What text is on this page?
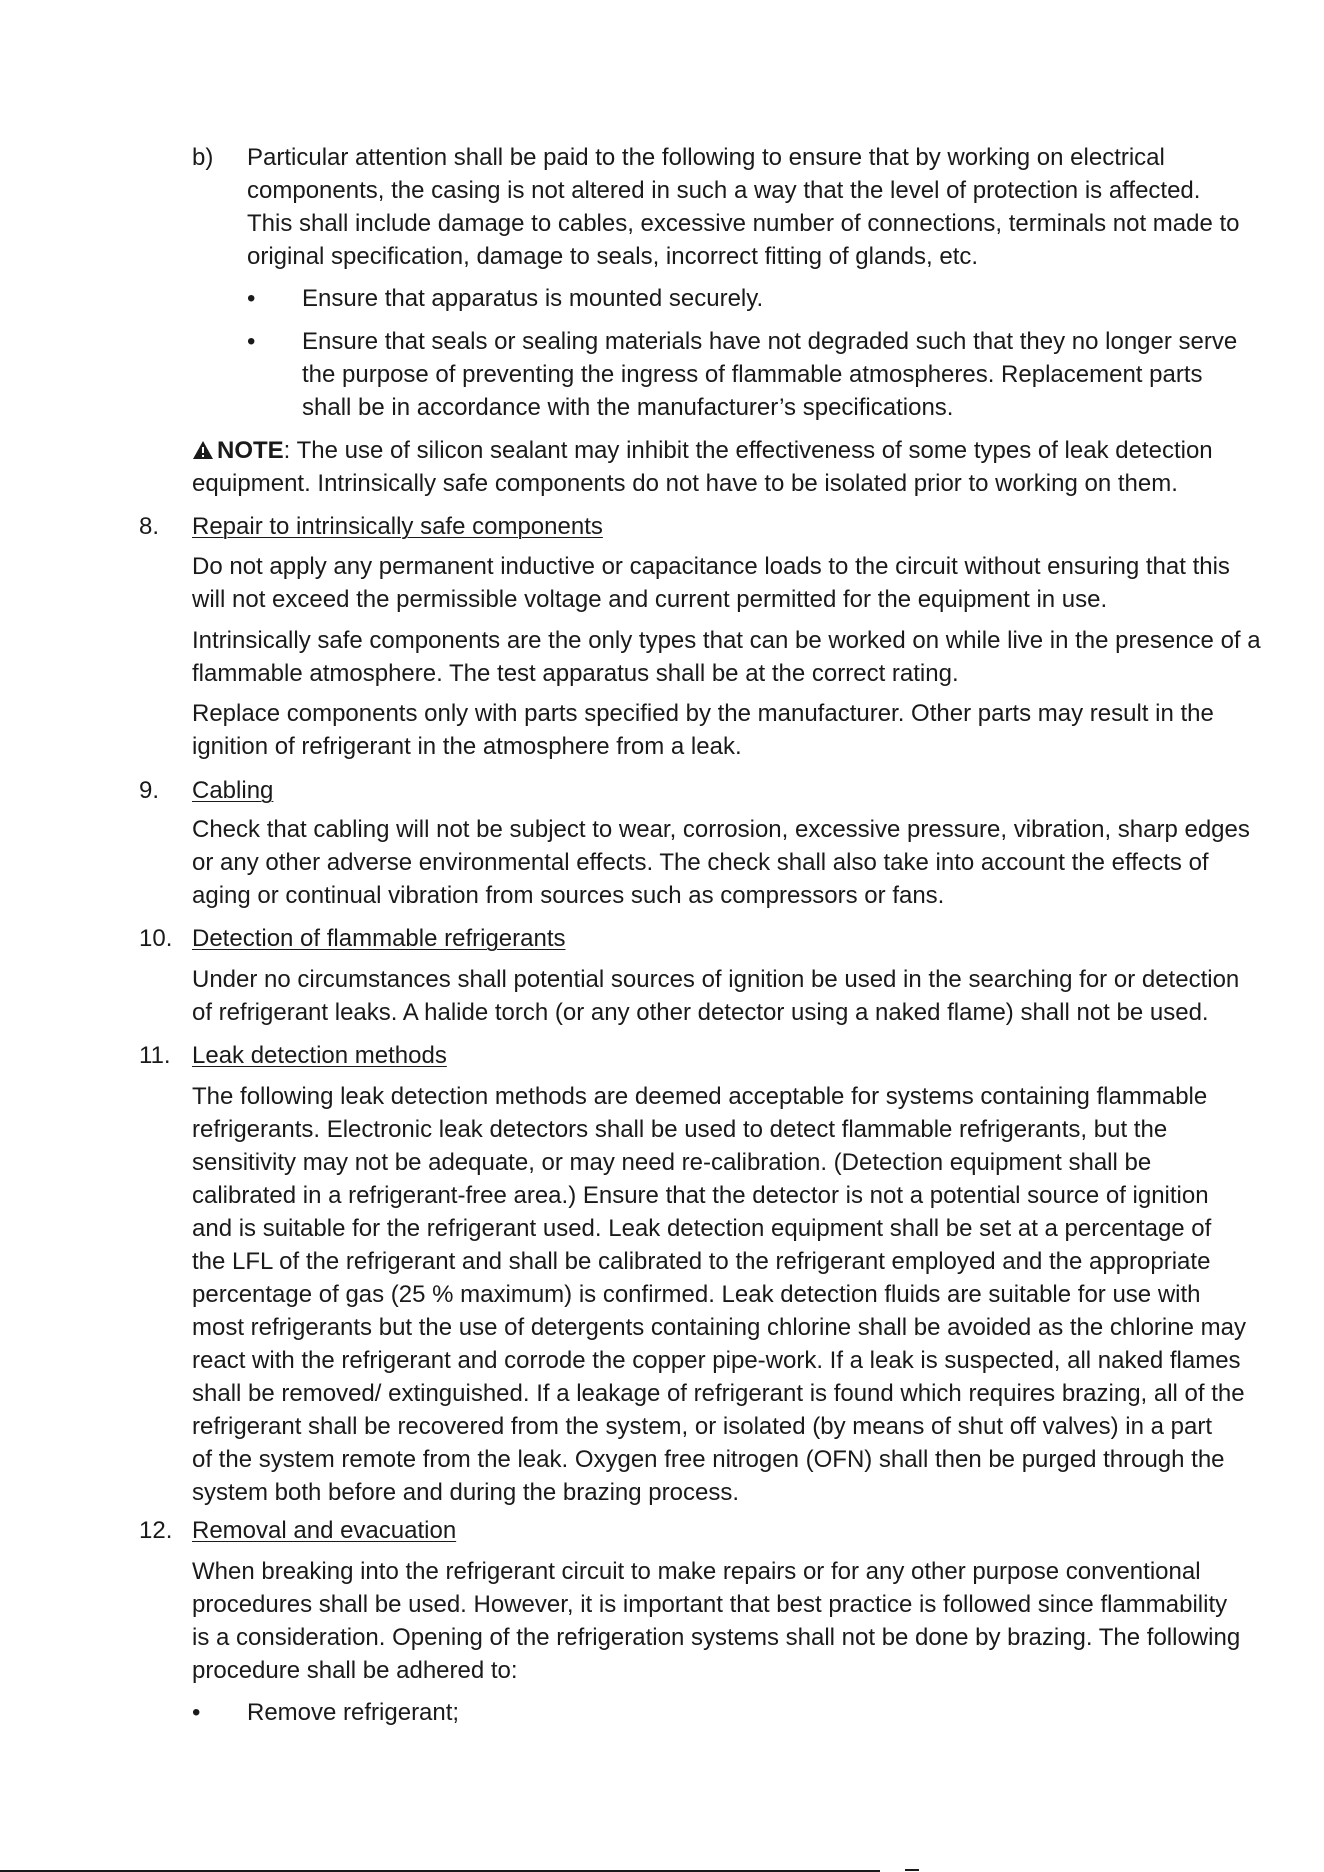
b) Particular attention shall be paid to the following to ensure that by working on electrical
components, the casing is not altered in such a way that the level of protection is affected.
This shall include damage to cables, excessive number of connections, terminals not made to
original specification, damage to seals, incorrect fitting of glands, etc.
• Ensure that apparatus is mounted securely.
• Ensure that seals or sealing materials have not degraded such that they no longer serve
the purpose of preventing the ingress of flammable atmospheres. Replacement parts
shall be in accordance with the manufacturer’s specifications.
NOTE: The use of silicon sealant may inhibit the effectiveness of some types of leak detection
equipment. Intrinsically safe components do not have to be isolated prior to working on them.
8. Repair to intrinsically safe components
Do not apply any permanent inductive or capacitance loads to the circuit without ensuring that this
will not exceed the permissible voltage and current permitted for the equipment in use.
Intrinsically safe components are the only types that can be worked on while live in the presence of a
flammable atmosphere. The test apparatus shall be at the correct rating.
Replace components only with parts specified by the manufacturer. Other parts may result in the
ignition of refrigerant in the atmosphere from a leak.
9. Cabling
Check that cabling will not be subject to wear, corrosion, excessive pressure, vibration, sharp edges
or any other adverse environmental effects. The check shall also take into account the effects of
aging or continual vibration from sources such as compressors or fans.
10. Detection of flammable refrigerants
Under no circumstances shall potential sources of ignition be used in the searching for or detection
of refrigerant leaks. A halide torch (or any other detector using a naked flame) shall not be used.
11. Leak detection methods
The following leak detection methods are deemed acceptable for systems containing flammable
refrigerants. Electronic leak detectors shall be used to detect flammable refrigerants, but the
sensitivity may not be adequate, or may need re-calibration. (Detection equipment shall be
calibrated in a refrigerant-free area.) Ensure that the detector is not a potential source of ignition
and is suitable for the refrigerant used. Leak detection equipment shall be set at a percentage of
the LFL of the refrigerant and shall be calibrated to the refrigerant employed and the appropriate
percentage of gas (25 % maximum) is confirmed. Leak detection fluids are suitable for use with
most refrigerants but the use of detergents containing chlorine shall be avoided as the chlorine may
react with the refrigerant and corrode the copper pipe-work. If a leak is suspected, all naked flames
shall be removed/ extinguished. If a leakage of refrigerant is found which requires brazing, all of the
refrigerant shall be recovered from the system, or isolated (by means of shut off valves) in a part
of the system remote from the leak. Oxygen free nitrogen (OFN) shall then be purged through the
system both before and during the brazing process.
12. Removal and evacuation
When breaking into the refrigerant circuit to make repairs or for any other purpose conventional
procedures shall be used. However, it is important that best practice is followed since flammability
is a consideration. Opening of the refrigeration systems shall not be done by brazing. The following
procedure shall be adhered to:
• Remove refrigerant;
